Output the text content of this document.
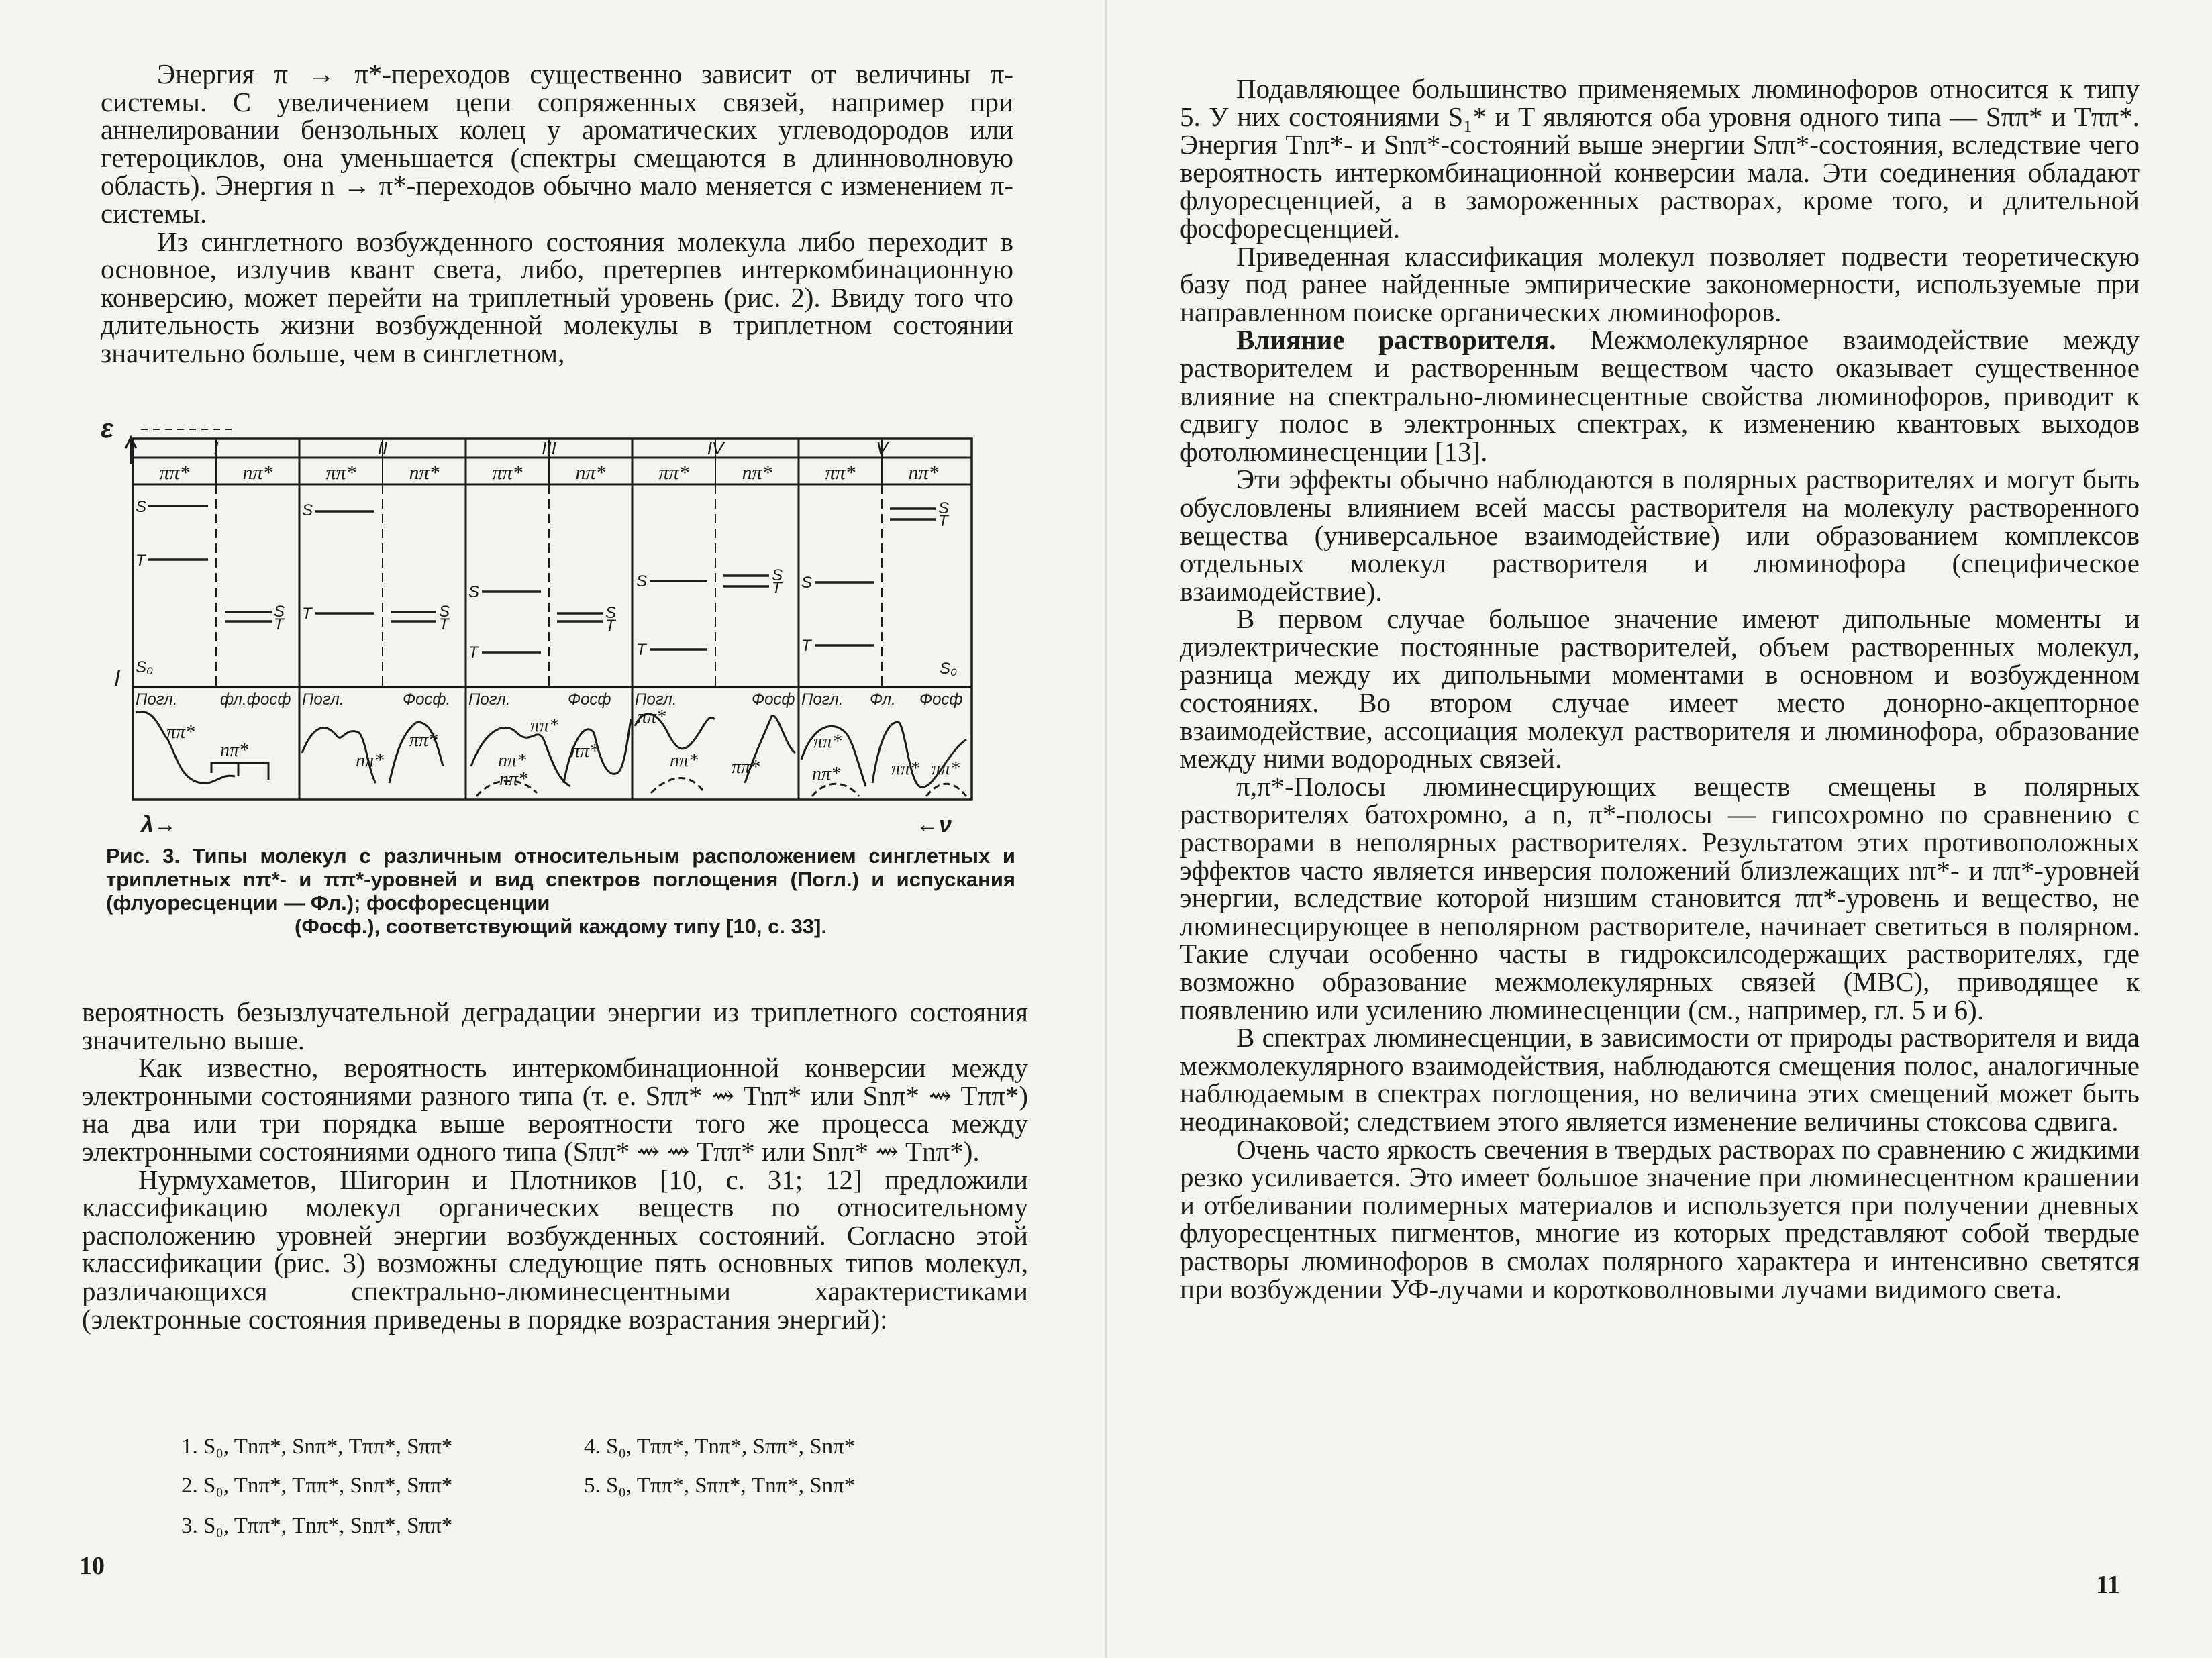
Энергия π → π*-переходов существенно зависит от величины π-системы. С увеличением цепи сопряженных связей, например при аннелировании бензольных колец у ароматических углеводородов или гетероциклов, она уменьшается (спектры смещаются в длинноволновую область). Энергия n → π*-переходов обычно мало меняется с изменением π-системы.

Из синглетного возбужденного состояния молекула либо переходит в основное, излучив квант света, либо, претерпев интеркомбинационную конверсию, может перейти на триплетный уровень (рис. 2). Ввиду того что длительность жизни возбужденной молекулы в триплетном состоянии значительно больше, чем в синглетном,

ε
I
I	II	III	IV	V
ππ*	nπ*	ππ*	nπ*	ππ*	nπ*	ππ*	nπ*	ππ*	nπ*
S
T
S₀
S
T
S
T	S
T
S
T
S
T
S
T
S
T S
T
S
T
S₀
Погл.	фл.фосф Погл.	Фосф. Погл.	Фосф Погл.	Фосф Погл. Фл. Фосф
ππ*
nπ*	nπ*
ππ*
ππ*
nπ* ππ*
nπ*
ππ*
nπ* ππ*
ππ*
nπ*	ππ* ππ*
λ→	←ν
Рис. 3. Типы молекул с различным относительным расположением синглетных и триплетных nπ*- и ππ*-уровней и вид спектров поглощения (Погл.) и испускания (флуоресценции — Фл.); фосфоресценции
(Фосф.), соответствующий каждому типу [10, с. 33].

вероятность безызлучательной деградации энергии из триплетного состояния значительно выше.

Как известно, вероятность интеркомбинационной конверсии между электронными состояниями разного типа (т. е. Sππ* ⇝ Tnπ* или Snπ* ⇝ Tππ*) на два или три порядка выше вероятности того же процесса между электронными состояниями одного типа (Sππ* ⇝ ⇝ Tππ* или Snπ* ⇝ Tnπ*).

Нурмухаметов, Шигорин и Плотников [10, с. 31; 12] предложили классификацию молекул органических веществ по относительному расположению уровней энергии возбужденных состояний. Согласно этой классификации (рис. 3) возможны следующие пять основных типов молекул, различающихся спектрально-люминесцентными характеристиками (электронные состояния приведены в порядке возрастания энергий):

1. S₀, Tnπ*, Snπ*, Tππ*, Sππ*	4. S₀, Tππ*, Tnπ*, Sππ*, Snπ*
2. S₀, Tnπ*, Tππ*, Snπ*, Sππ*	5. S₀, Tππ*, Sππ*, Tnπ*, Snπ*
3. S₀, Tππ*, Tnπ*, Snπ*, Sππ*
10

Подавляющее большинство применяемых люминофоров относится к типу 5. У них состояниями S₁* и T являются оба уровня одного типа — Sππ* и Tππ*. Энергия Tnπ*- и Snπ*-состояний выше энергии Sππ*-состояния, вследствие чего вероятность интеркомбинационной конверсии мала. Эти соединения обладают флуоресценцией, а в замороженных растворах, кроме того, и длительной фосфоресценцией.

Приведенная классификация молекул позволяет подвести теоретическую базу под ранее найденные эмпирические закономерности, используемые при направленном поиске органических люминофоров.

Влияние растворителя. Межмолекулярное взаимодействие между растворителем и растворенным веществом часто оказывает существенное влияние на спектрально-люминесцентные свойства люминофоров, приводит к сдвигу полос в электронных спектрах, к изменению квантовых выходов фотолюминесценции [13].

Эти эффекты обычно наблюдаются в полярных растворителях и могут быть обусловлены влиянием всей массы растворителя на молекулу растворенного вещества (универсальное взаимодействие) или образованием комплексов отдельных молекул растворителя и люминофора (специфическое взаимодействие).

В первом случае большое значение имеют дипольные моменты и диэлектрические постоянные растворителей, объем растворенных молекул, разница между их дипольными моментами в основном и возбужденном состояниях. Во втором случае имеет место донорно-акцепторное взаимодействие, ассоциация молекул растворителя и люминофора, образование между ними водородных связей.

π,π*-Полосы люминесцирующих веществ смещены в полярных растворителях батохромно, а n, π*-полосы — гипсохромно по сравнению с растворами в неполярных растворителях. Результатом этих противоположных эффектов часто является инверсия положений близлежащих nπ*- и ππ*-уровней энергии, вследствие которой низшим становится ππ*-уровень и вещество, не люминесцирующее в неполярном растворителе, начинает светиться в полярном. Такие случаи особенно часты в гидроксилсодержащих растворителях, где возможно образование межмолекулярных связей (МВС), приводящее к появлению или усилению люминесценции (см., например, гл. 5 и 6).

В спектрах люминесценции, в зависимости от природы растворителя и вида межмолекулярного взаимодействия, наблюдаются смещения полос, аналогичные наблюдаемым в спектрах поглощения, но величина этих смещений может быть неодинаковой; следствием этого является изменение величины стоксова сдвига.

Очень часто яркость свечения в твердых растворах по сравнению с жидкими резко усиливается. Это имеет большое значение при люминесцентном крашении и отбеливании полимерных материалов и используется при получении дневных флуоресцентных пигментов, многие из которых представляют собой твердые растворы люминофоров в смолах полярного характера и интенсивно светятся при возбуждении УФ-лучами и коротковолновыми лучами видимого света.

11
